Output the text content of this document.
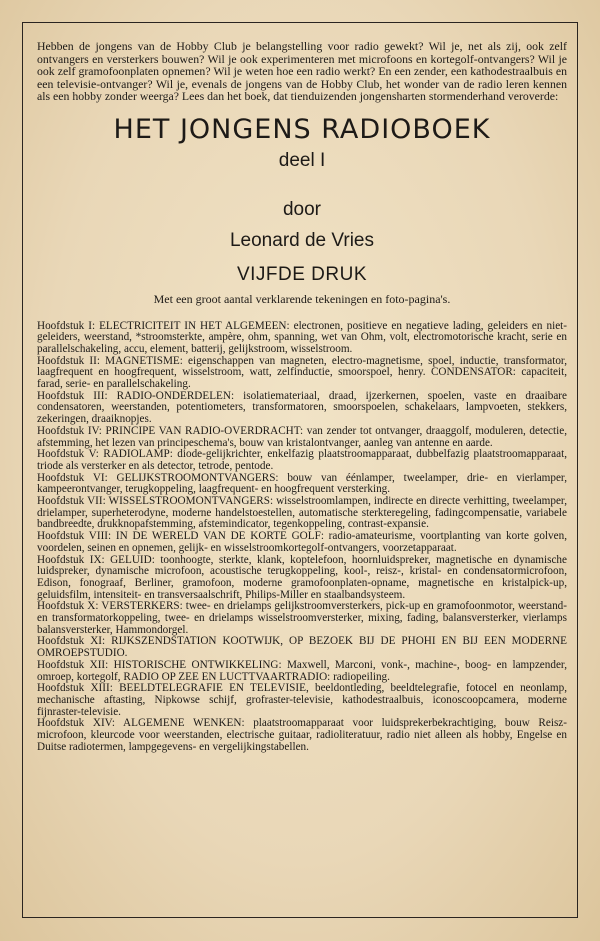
Hebben de jongens van de Hobby Club je belangstelling voor radio gewekt? Wil je, net als zij, ook zelf ontvangers en versterkers bouwen? Wil je ook experimenteren met microfoons en kortegolf-ontvangers? Wil je ook zelf gramofoonplaten opnemen? Wil je weten hoe een radio werkt? En een zender, een kathodestraalbuis en een televisie-ontvanger? Wil je, evenals de jongens van de Hobby Club, het wonder van de radio leren kennen als een hobby zonder weerga? Lees dan het boek, dat tienduizenden jongensharten stormenderhand veroverde:

HET JONGENS RADIOBOEK
deel I
door
Leonard de Vries
VIJFDE DRUK
Met een groot aantal verklarende tekeningen en foto-pagina's.

Hoofdstuk I: ELECTRICITEIT IN HET ALGEMEEN: electronen, positieve en negatieve lading, geleiders en niet-geleiders, weerstand, *stroomsterkte, ampère, ohm, spanning, wet van Ohm, volt, electromotorische kracht, serie en parallelschakeling, accu, element, batterij, gelijkstroom, wisselstroom.

Hoofdstuk II: MAGNETISME: eigenschappen van magneten, electro-magnetisme, spoel, inductie, transformator, laagfrequent en hoogfrequent, wisselstroom, watt, zelfinductie, smoorspoel, henry. CONDENSATOR: capaciteit, farad, serie- en parallelschakeling.

Hoofdstuk III: RADIO-ONDERDELEN: isolatiemateriaal, draad, ijzerkernen, spoelen, vaste en draaibare condensatoren, weerstanden, potentiometers, transformatoren, smoorspoelen, schakelaars, lampvoeten, stekkers, zekeringen, draaiknopjes.

Hoofdstuk IV: PRINCIPE VAN RADIO-OVERDRACHT: van zender tot ontvanger, draaggolf, moduleren, detectie, afstemming, het lezen van principeschema's, bouw van kristalontvanger, aanleg van antenne en aarde.

Hoofdstuk V: RADIOLAMP: diode-gelijkrichter, enkelfazig plaatstroomapparaat, dubbelfazig plaatstroomapparaat, triode als versterker en als detector, tetrode, pentode.

Hoofdstuk VI: GELIJKSTROOMONTVANGERS: bouw van éénlamper, tweelamper, drie- en vierlamper, kampeerontvanger, terugkoppeling, laagfrequent- en hoogfrequent versterking.

Hoofdstuk VII: WISSELSTROOMONTVANGERS: wisselstroomlampen, indirecte en directe verhitting, tweelamper, drielamper, superheterodyne, moderne handelstoestellen, automatische sterkteregeling, fadingcompensatie, variabele bandbreedte, drukknopafstemming, afstemindicator, tegenkoppeling, contrast-expansie.

Hoofdstuk VIII: IN DE WERELD VAN DE KORTE GOLF: radio-amateurisme, voortplanting van korte golven, voordelen, seinen en opnemen, gelijk- en wisselstroomkortegolf-ontvangers, voorzetapparaat.

Hoofdstuk IX: GELUID: toonhoogte, sterkte, klank, koptelefoon, hoornluidspreker, magnetische en dynamische luidspreker, dynamische microfoon, acoustische terugkoppeling, kool-, reisz-, kristal- en condensatormicrofoon, Edison, fonograaf, Berliner, gramofoon, moderne gramofoonplaten-opname, magnetische en kristalpick-up, geluidsfilm, intensiteit- en transversaalschrift, Philips-Miller en staalbandsysteem.

Hoofdstuk X: VERSTERKERS: twee- en drielamps gelijkstroomversterkers, pick-up en gramofoonmotor, weerstand- en transformatorkoppeling, twee- en drielamps wisselstroomversterker, mixing, fading, balansversterker, vierlamps balansversterker, Hammondorgel.

Hoofdstuk XI: RIJKSZENDSTATION KOOTWIJK, OP BEZOEK BIJ DE PHOHI EN BIJ EEN MODERNE OMROEPSTUDIO.

Hoofdstuk XII: HISTORISCHE ONTWIKKELING: Maxwell, Marconi, vonk-, machine-, boog- en lampzender, omroep, kortegolf, RADIO OP ZEE EN LUCTTVAARTRADIO: radiopeiling.

Hoofdstuk XIII: BEELDTELEGRAFIE EN TELEVISIE, beeldontleding, beeldtelegrafie, fotocel en neonlamp, mechanische aftasting, Nipkowse schijf, grofraster-televisie, kathodestraalbuis, iconoscoopcamera, moderne fijnraster-televisie.

Hoofdstuk XIV: ALGEMENE WENKEN: plaatstroomapparaat voor luidsprekerbekrachtiging, bouw Reisz-microfoon, kleurcode voor weerstanden, electrische guitaar, radioliteratuur, radio niet alleen als hobby, Engelse en Duitse radiotermen, lampgegevens- en vergelijkingstabellen.
